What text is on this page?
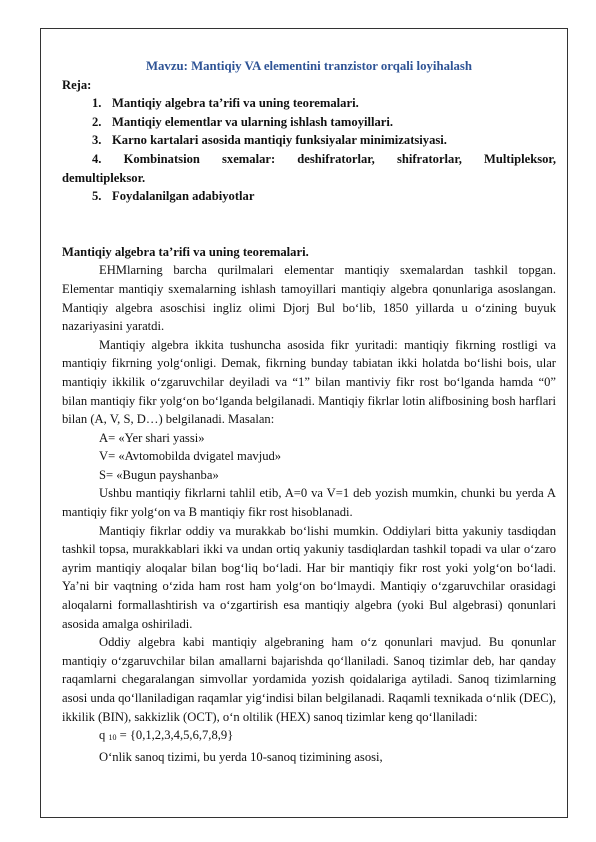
Mavzu: Mantiqiy VA elementini tranzistor orqali loyihalash

Reja:

1. Mantiqiy algebra ta’rifi va uning teoremalari.
2. Mantiqiy elementlar va ularning ishlash tamoyillari.
3. Karno kartalari asosida mantiqiy funksiyalar minimizatsiyasi.
4. Kombinatsion sxemalar: deshifratorlar, shifratorlar, Multipleksor,
demultipleksor.
5. Foydalanilgan adabiyotlar
Mantiqiy algebra ta’rifi va uning teoremalari.

EHMlarning barcha qurilmalari elementar mantiqiy sxemalardan tashkil topgan. Elementar mantiqiy sxemalarning ishlash tamoyillari mantiqiy algebra qonunlariga asoslangan. Mantiqiy algebra asoschisi ingliz olimi Djorj Bul bo‘lib, 1850 yillarda u o‘zining buyuk nazariyasini yaratdi.

Mantiqiy algebra ikkita tushuncha asosida fikr yuritadi: mantiqiy fikrning rostligi va mantiqiy fikrning yolg‘onligi. Demak, fikrning bunday tabiatan ikki holatda bo‘lishi bois, ular mantiqiy ikkilik o‘zgaruvchilar deyiladi va “1” bilan mantiviy fikr rost bo‘lganda hamda “0” bilan mantiqiy fikr yolg‘on bo‘lganda belgilanadi. Mantiqiy fikrlar lotin alifbosining bosh harflari bilan (A, V, S, D…) belgilanadi. Masalan:

A= «Yer shari yassi»

V= «Avtomobilda dvigatel mavjud»

S= «Bugun payshanba»

Ushbu mantiqiy fikrlarni tahlil etib, A=0 va V=1 deb yozish mumkin, chunki bu yerda A mantiqiy fikr yolg‘on va B mantiqiy fikr rost hisoblanadi.

Mantiqiy fikrlar oddiy va murakkab bo‘lishi mumkin. Oddiylari bitta yakuniy tasdiqdan tashkil topsa, murakkablari ikki va undan ortiq yakuniy tasdiqlardan tashkil topadi va ular o‘zaro ayrim mantiqiy aloqalar bilan bog‘liq bo‘ladi. Har bir mantiqiy fikr rost yoki yolg‘on bo‘ladi. Ya’ni bir vaqtning o‘zida ham rost ham yolg‘on bo‘lmaydi. Mantiqiy o‘zgaruvchilar orasidagi aloqalarni formallashtirish va o‘zgartirish esa mantiqiy algebra (yoki Bul algebrasi) qonunlari asosida amalga oshiriladi.

Oddiy algebra kabi mantiqiy algebraning ham o‘z qonunlari mavjud. Bu qonunlar mantiqiy o‘zgaruvchilar bilan amallarni bajarishda qo‘llaniladi. Sanoq tizimlar deb, har qanday raqamlarni chegaralangan simvollar yordamida yozish qoidalariga aytiladi. Sanoq tizimlarning asosi unda qo‘llaniladigan raqamlar yig‘indisi bilan belgilanadi. Raqamli texnikada o‘nlik (DEC), ikkilik (BIN), sakkizlik (OCT), o‘n oltilik (HEX) sanoq tizimlar keng qo‘llaniladi:

q 10 = {0,1,2,3,4,5,6,7,8,9}

O‘nlik sanoq tizimi, bu yerda 10-sanoq tizimining asosi,
